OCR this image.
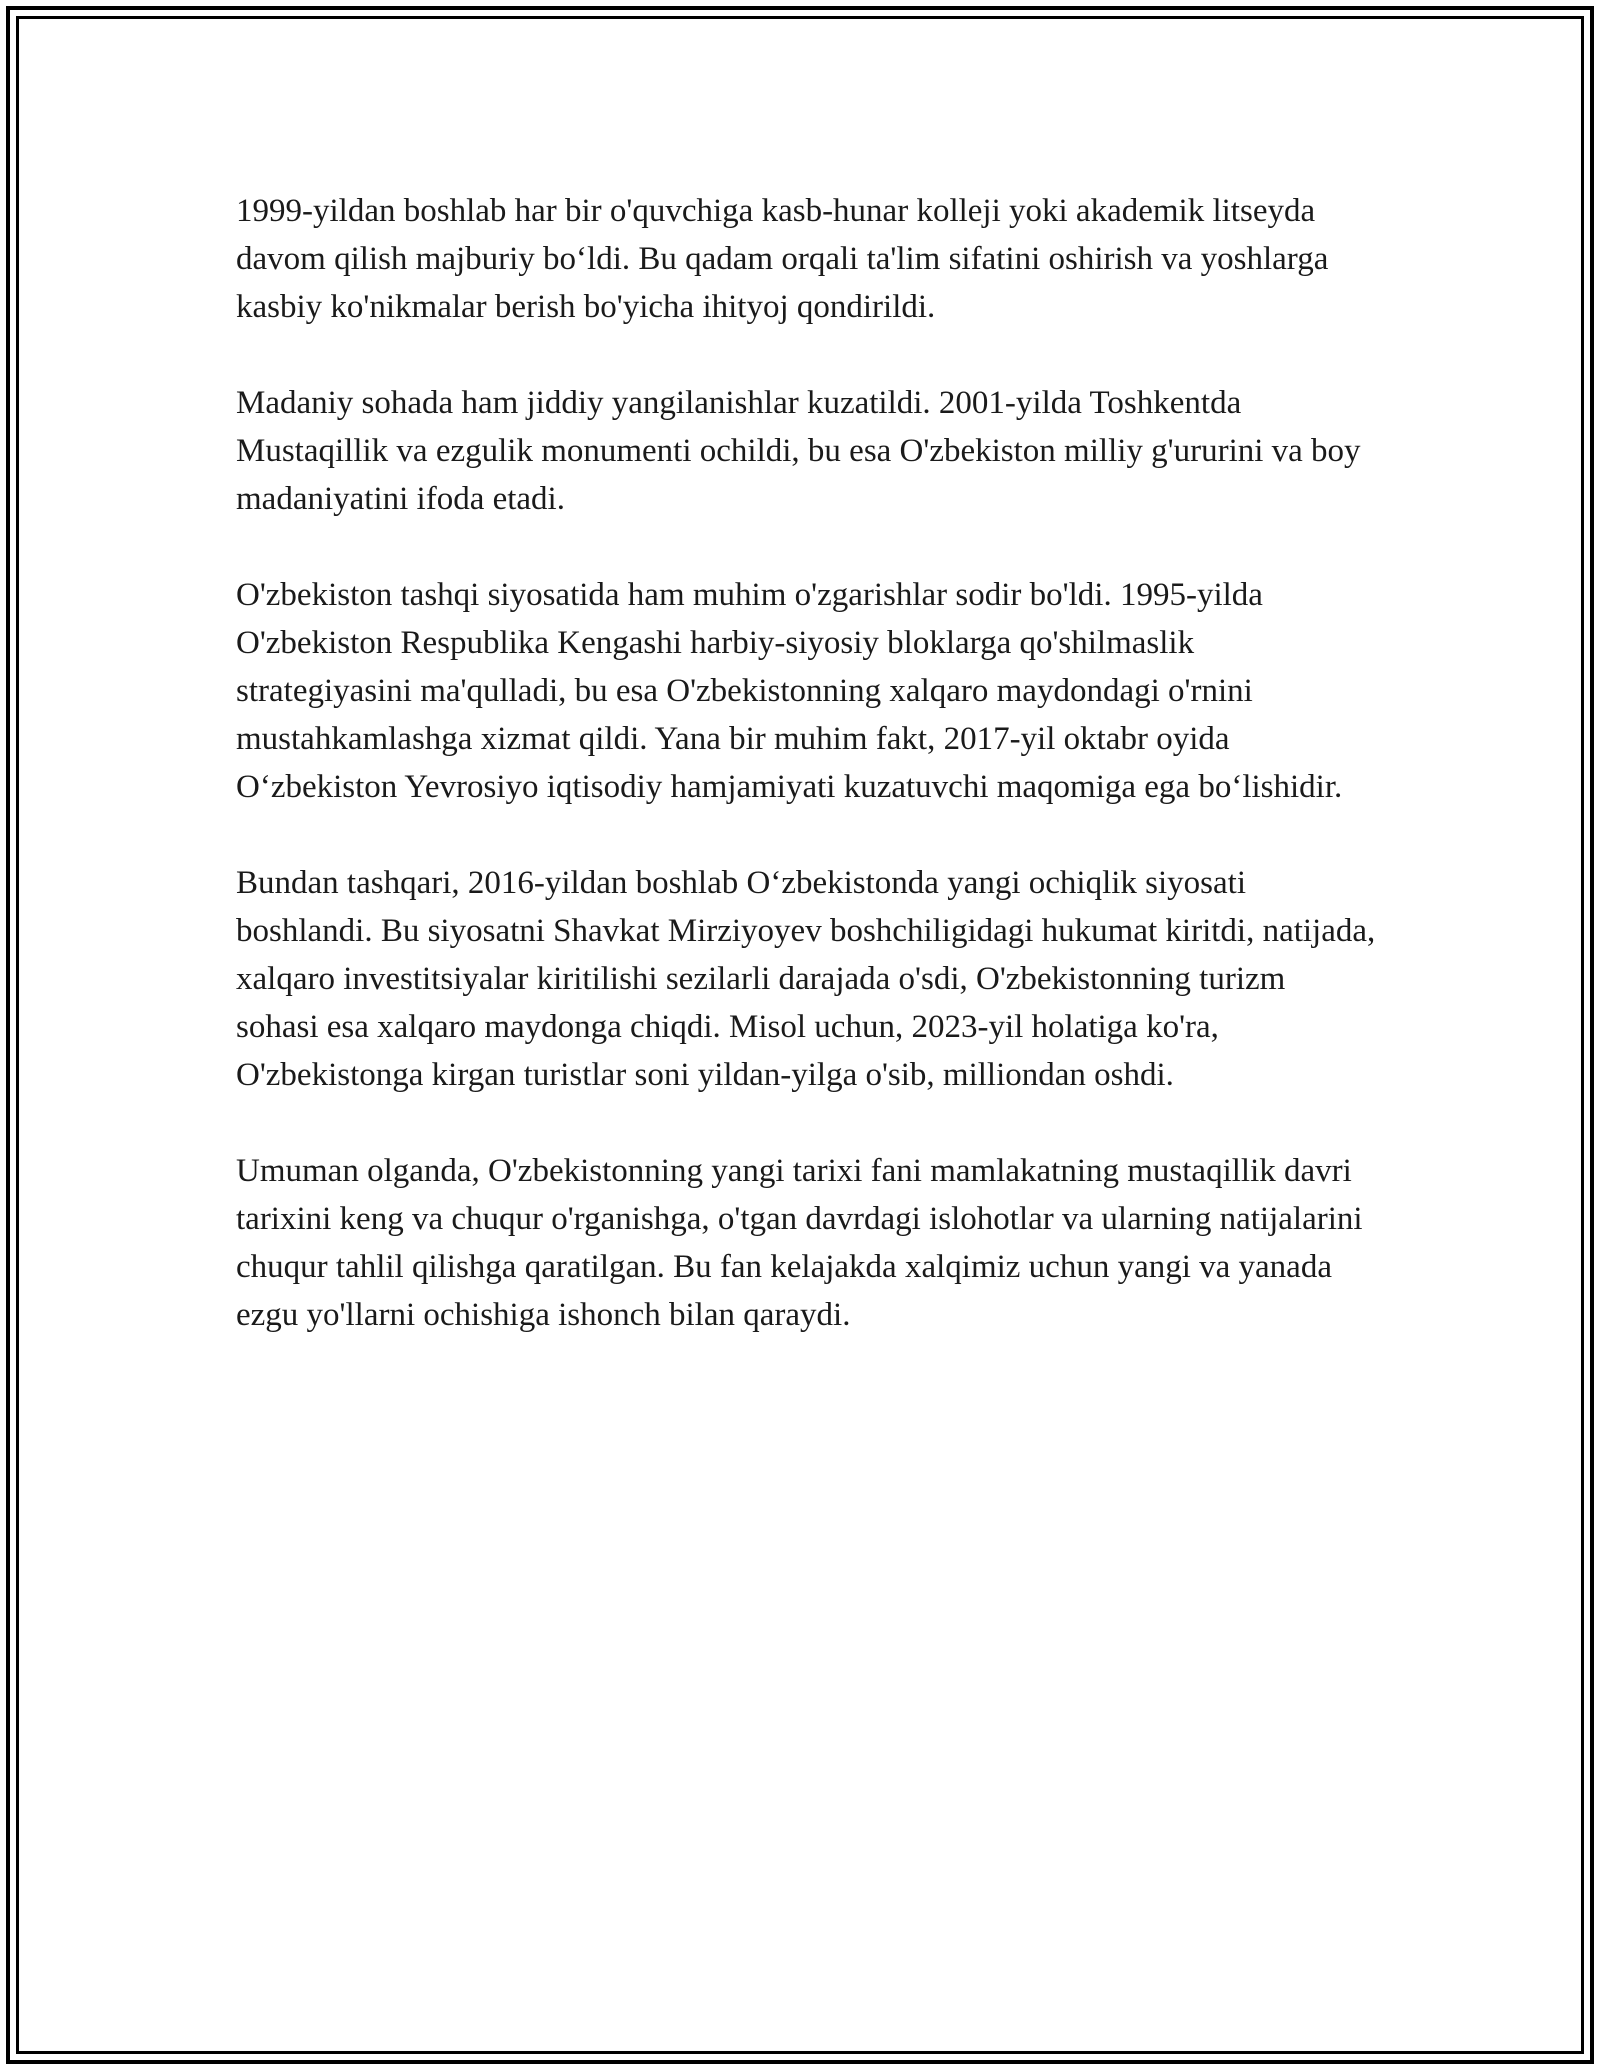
1999-yildan boshlab har bir o'quvchiga kasb-hunar kolleji yoki akademik litseyda davom qilish majburiy bo‘ldi. Bu qadam orqali ta'lim sifatini oshirish va yoshlarga kasbiy ko'nikmalar berish bo'yicha ihityoj qondirildi.

Madaniy sohada ham jiddiy yangilanishlar kuzatildi. 2001-yilda Toshkentda Mustaqillik va ezgulik monumenti ochildi, bu esa O'zbekiston milliy g'ururini va boy madaniyatini ifoda etadi.

O'zbekiston tashqi siyosatida ham muhim o'zgarishlar sodir bo'ldi. 1995-yilda O'zbekiston Respublika Kengashi harbiy-siyosiy bloklarga qo'shilmaslik strategiyasini ma'qulladi, bu esa O'zbekistonning xalqaro maydondagi o'rnini mustahkamlashga xizmat qildi. Yana bir muhim fakt, 2017-yil oktabr oyida O‘zbekiston Yevrosiyo iqtisodiy hamjamiyati kuzatuvchi maqomiga ega bo‘lishidir.

Bundan tashqari, 2016-yildan boshlab O‘zbekistonda yangi ochiqlik siyosati boshlandi. Bu siyosatni Shavkat Mirziyoyev boshchiligidagi hukumat kiritdi, natijada, xalqaro investitsiyalar kiritilishi sezilarli darajada o'sdi, O'zbekistonning turizm sohasi esa xalqaro maydonga chiqdi. Misol uchun, 2023-yil holatiga ko'ra, O'zbekistonga kirgan turistlar soni yildan-yilga o'sib, milliondan oshdi.

Umuman olganda, O'zbekistonning yangi tarixi fani mamlakatning mustaqillik davri tarixini keng va chuqur o'rganishga, o'tgan davrdagi islohotlar va ularning natijalarini chuqur tahlil qilishga qaratilgan. Bu fan kelajakda xalqimiz uchun yangi va yanada ezgu yo'llarni ochishiga ishonch bilan qaraydi.
